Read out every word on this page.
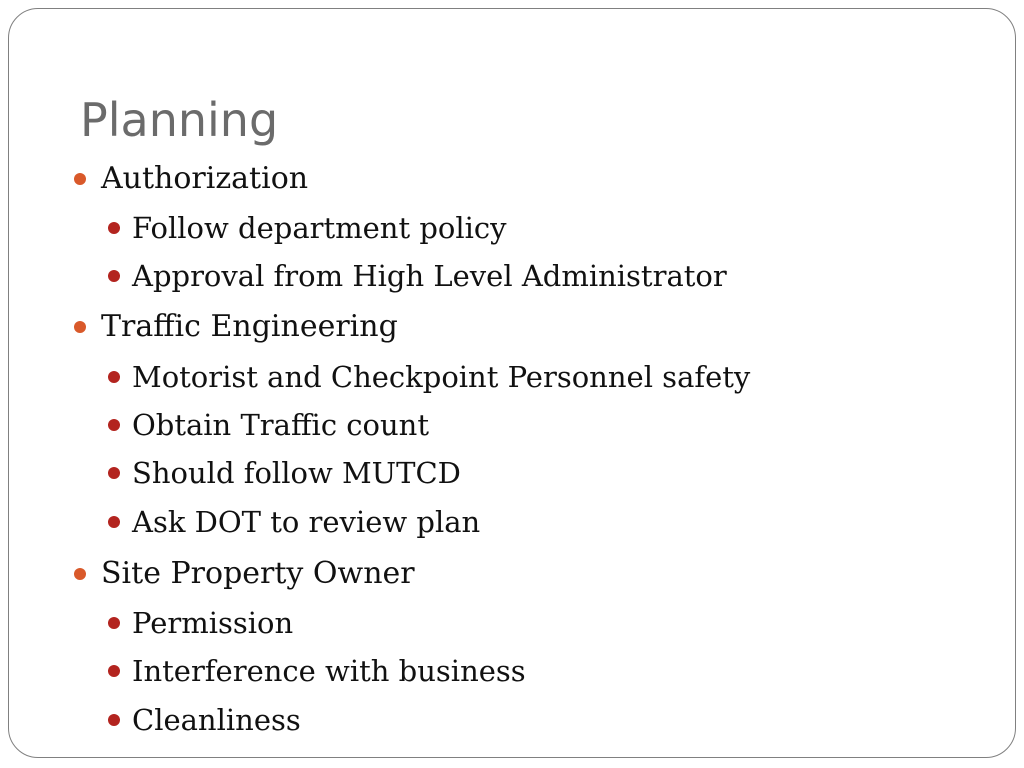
Planning
Authorization
Follow department policy
Approval from High Level Administrator
Traffic Engineering
Motorist and Checkpoint Personnel safety
Obtain Traffic count
Should follow MUTCD
Ask DOT to review plan
Site Property Owner
Permission
Interference with business
Cleanliness
